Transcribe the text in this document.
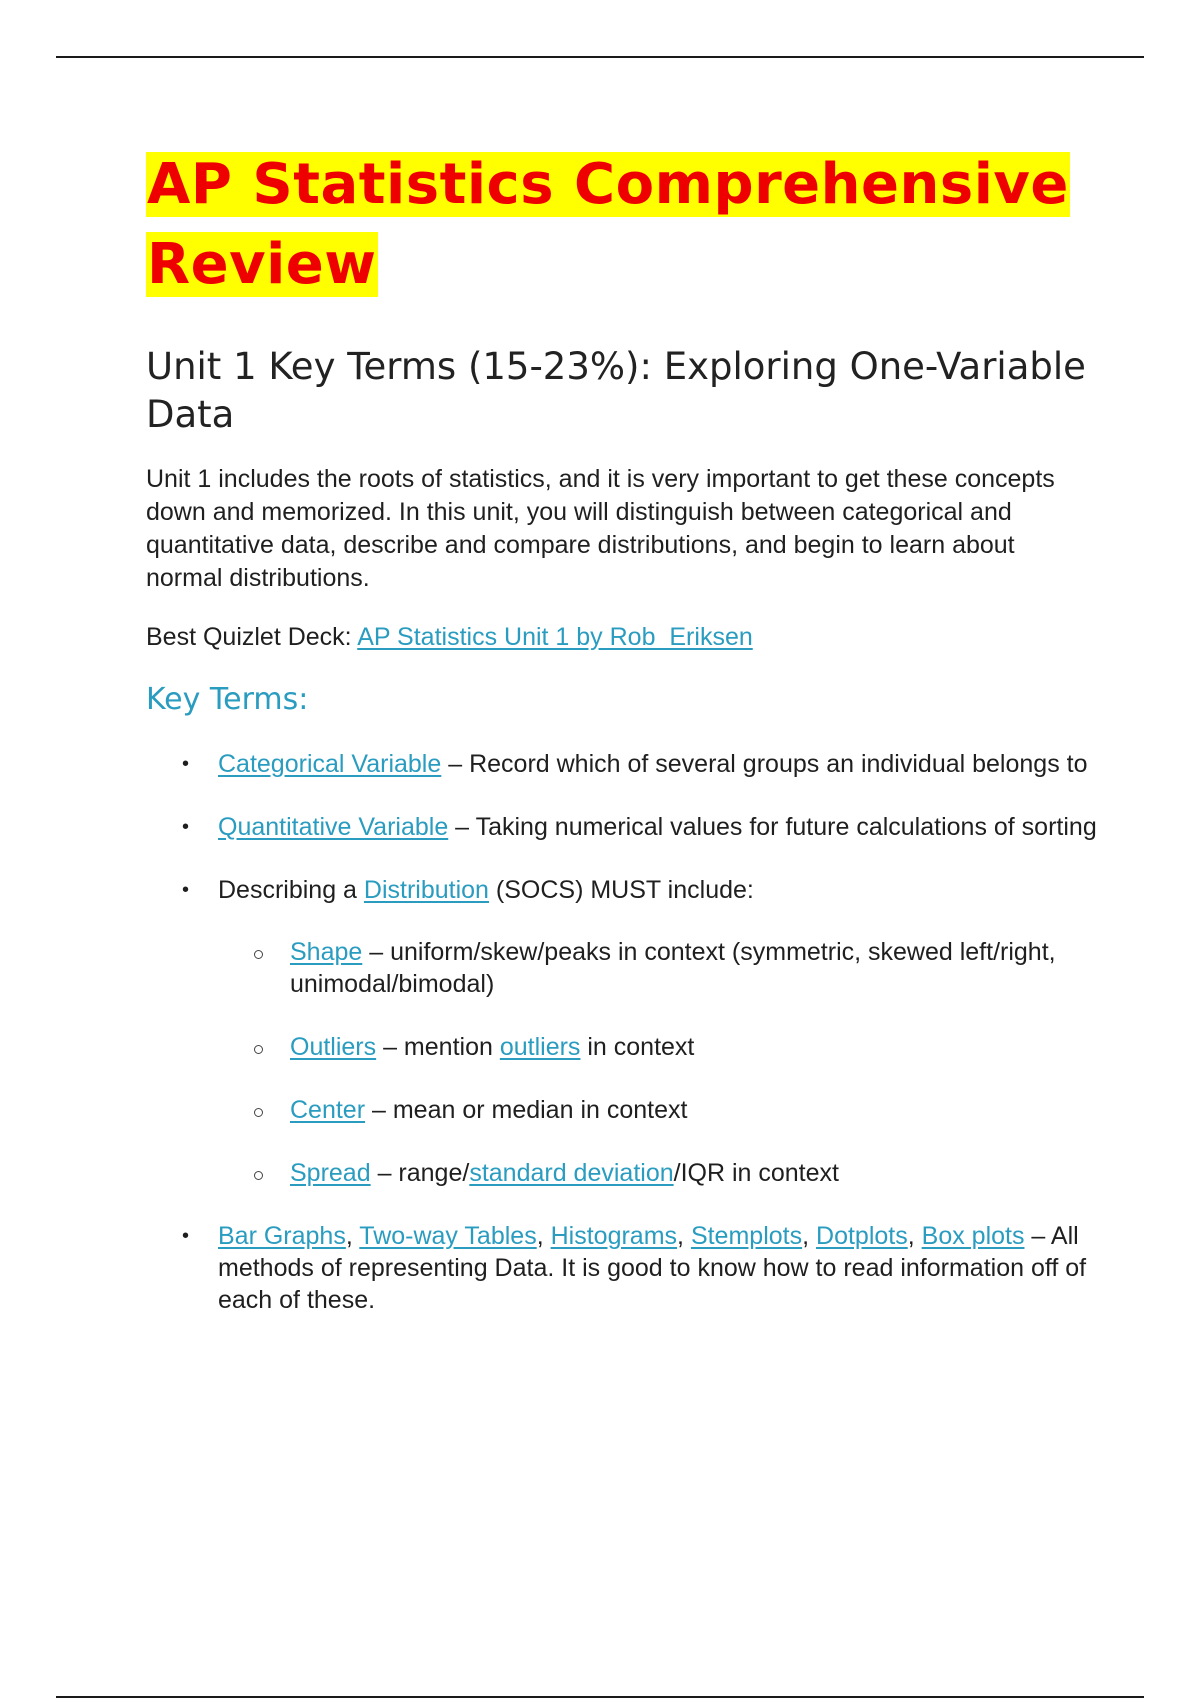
AP Statistics Comprehensive
Review
Unit 1 Key Terms (15-23%): Exploring One-Variable Data

Unit 1 includes the roots of statistics, and it is very important to get these concepts down and memorized. In this unit, you will distinguish between categorical and quantitative data, describe and compare distributions, and begin to learn about normal distributions.

Best Quizlet Deck: AP Statistics Unit 1 by Rob_Eriksen

Key Terms:
• Categorical Variable – Record which of several groups an individual belongs to
• Quantitative Variable – Taking numerical values for future calculations of sorting
• Describing a Distribution (SOCS) MUST include:
Shape – uniform/skew/peaks in context (symmetric, skewed left/right, unimodal/bimodal)
Outliers – mention outliers in context
Center – mean or median in context
Spread – range/standard deviation/IQR in context
• Bar Graphs, Two-way Tables, Histograms, Stemplots, Dotplots, Box plots – All methods of representing Data. It is good to know how to read information off of each of these.
